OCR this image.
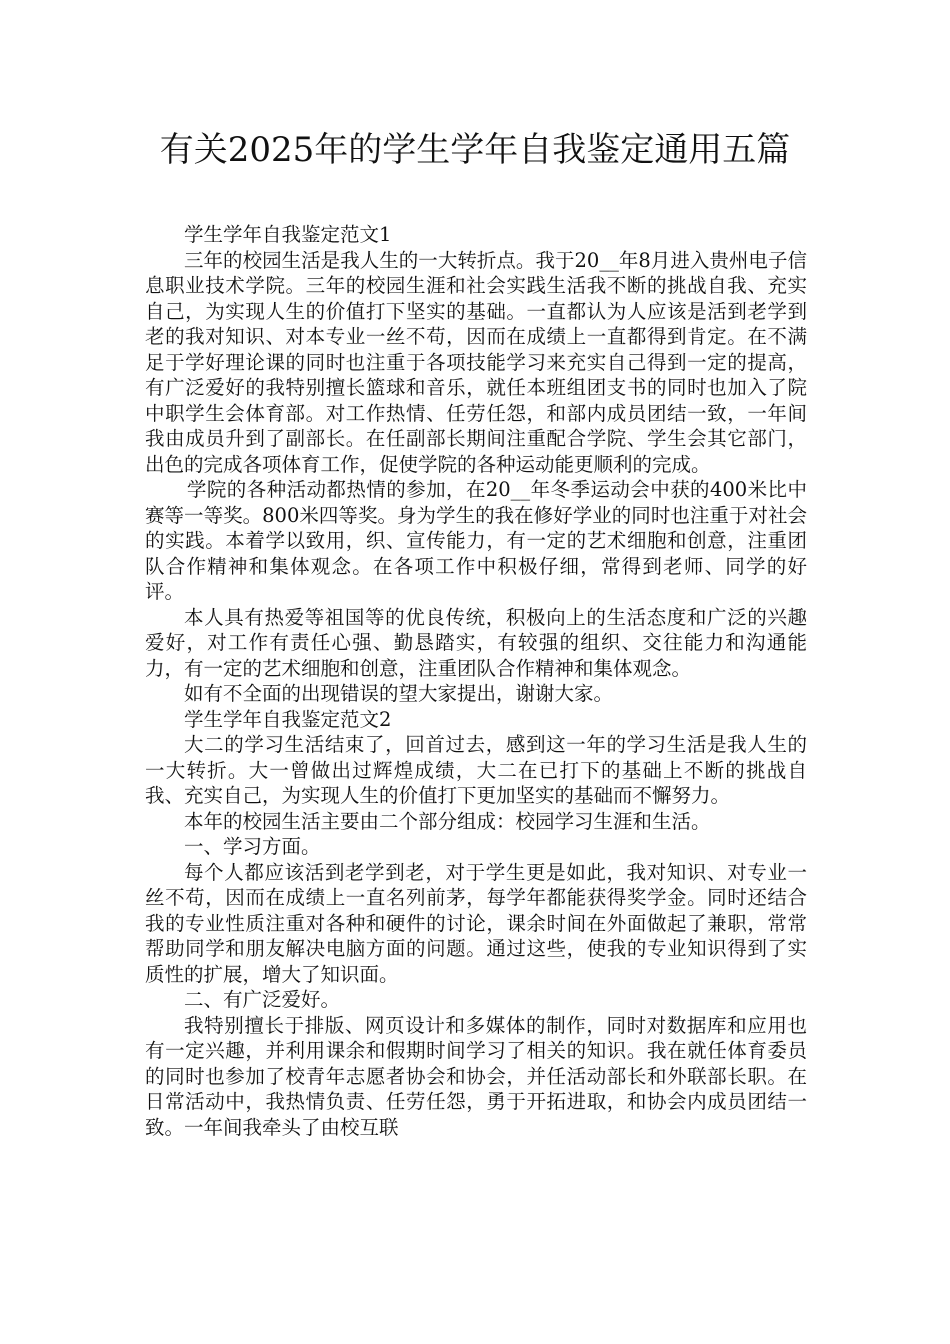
有关2025年的学生学年自我鉴定通用五篇

学生学年自我鉴定范文1

三年的校园生活是我人生的一大转折点。我于20__年8月进入贵州电子信息职业技术学院。三年的校园生涯和社会实践生活我不断的挑战自我、充实自己，为实现人生的价值打下坚实的基础。一直都认为人应该是活到老学到老的我对知识、对本专业一丝不苟，因而在成绩上一直都得到肯定。在不满足于学好理论课的同时也注重于各项技能学习来充实自己得到一定的提高，有广泛爱好的我特别擅长篮球和音乐，就任本班组团支书的同时也加入了院中职学生会体育部。对工作热情、任劳任怨，和部内成员团结一致，一年间我由成员升到了副部长。在任副部长期间注重配合学院、学生会其它部门，出色的完成各项体育工作，促使学院的各种运动能更顺利的完成。

学院的各种活动都热情的参加，在20__年冬季运动会中获的400米比中赛等一等奖。800米四等奖。身为学生的我在修好学业的同时也注重于对社会的实践。本着学以致用，织、宣传能力，有一定的艺术细胞和创意，注重团队合作精神和集体观念。在各项工作中积极仔细，常得到老师、同学的好评。

本人具有热爱等祖国等的优良传统，积极向上的生活态度和广泛的兴趣爱好，对工作有责任心强、勤恳踏实，有较强的组织、交往能力和沟通能力，有一定的艺术细胞和创意，注重团队合作精神和集体观念。

如有不全面的出现错误的望大家提出，谢谢大家。

学生学年自我鉴定范文2

大二的学习生活结束了，回首过去，感到这一年的学习生活是我人生的一大转折。大一曾做出过辉煌成绩，大二在已打下的基础上不断的挑战自我、充实自己，为实现人生的价值打下更加坚实的基础而不懈努力。

本年的校园生活主要由二个部分组成：校园学习生涯和生活。

一、学习方面。

每个人都应该活到老学到老，对于学生更是如此，我对知识、对专业一丝不苟，因而在成绩上一直名列前茅，每学年都能获得奖学金。同时还结合我的专业性质注重对各种和硬件的讨论，课余时间在外面做起了兼职，常常帮助同学和朋友解决电脑方面的问题。通过这些，使我的专业知识得到了实质性的扩展，增大了知识面。

二、有广泛爱好。

我特别擅长于排版、网页设计和多媒体的制作，同时对数据库和应用也有一定兴趣，并利用课余和假期时间学习了相关的知识。我在就任体育委员的同时也参加了校青年志愿者协会和协会，并任活动部长和外联部长职。在日常活动中，我热情负责、任劳任怨，勇于开拓进取，和协会内成员团结一致。一年间我牵头了由校互联
